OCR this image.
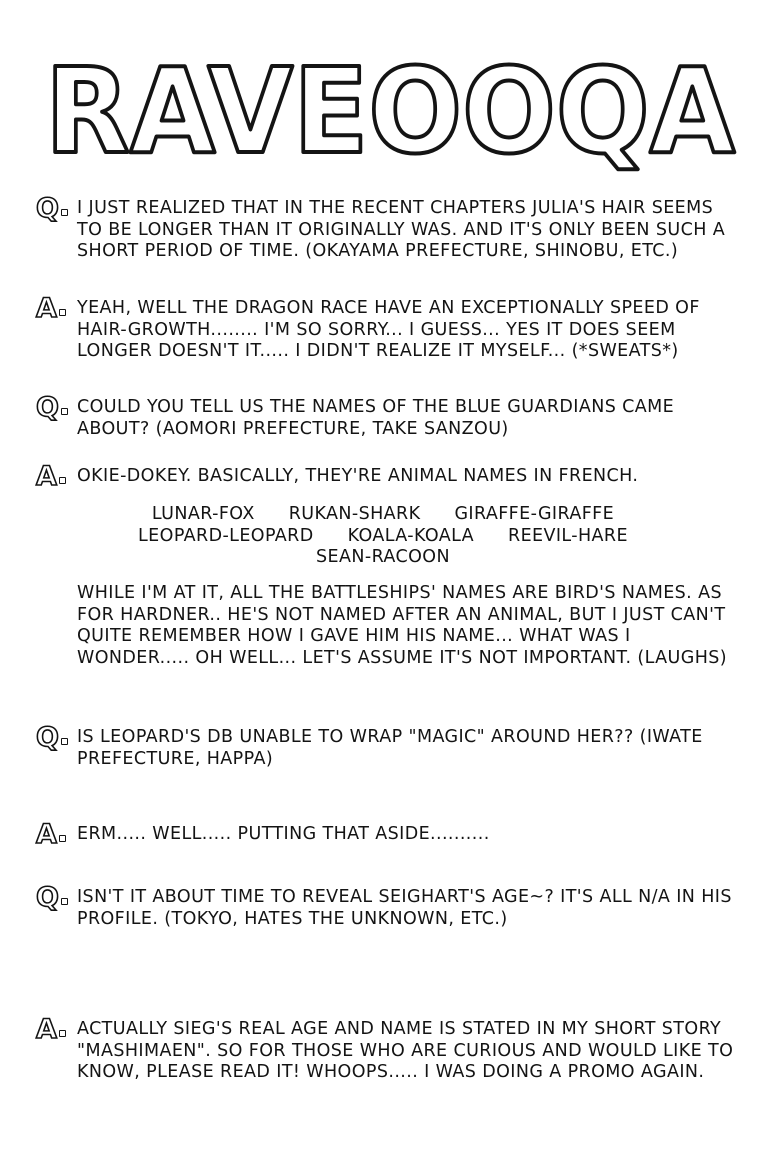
RAVEOOQA
Q	I JUST REALIZED THAT IN THE RECENT CHAPTERS JULIA'S HAIR SEEMS TO BE LONGER THAN IT ORIGINALLY WAS. AND IT'S ONLY BEEN SUCH A SHORT PERIOD OF TIME. (OKAYAMA PREFECTURE, SHINOBU, ETC.)

A	YEAH, WELL THE DRAGON RACE HAVE AN EXCEPTIONALLY SPEED OF HAIR-GROWTH........ I'M SO SORRY... I GUESS... YES IT DOES SEEM LONGER DOESN'T IT..... I DIDN'T REALIZE IT MYSELF... (*SWEATS*)

Q	COULD YOU TELL US THE NAMES OF THE BLUE GUARDIANS CAME ABOUT? (AOMORI PREFECTURE, TAKE SANZOU)

A	OKIE-DOKEY. BASICALLY, THEY'RE ANIMAL NAMES IN FRENCH.

LUNAR-FOX RUKAN-SHARK GIRAFFE-GIRAFFE
LEOPARD-LEOPARD KOALA-KOALA REEVIL-HARE
SEAN-RACOON

WHILE I'M AT IT, ALL THE BATTLESHIPS' NAMES ARE BIRD'S NAMES. AS FOR HARDNER.. HE'S NOT NAMED AFTER AN ANIMAL, BUT I JUST CAN'T QUITE REMEMBER HOW I GAVE HIM HIS NAME... WHAT WAS I WONDER..... OH WELL... LET'S ASSUME IT'S NOT IMPORTANT. (LAUGHS)

Q	IS LEOPARD'S DB UNABLE TO WRAP "MAGIC" AROUND HER?? (IWATE PREFECTURE, HAPPA)

A	ERM..... WELL..... PUTTING THAT ASIDE..........

Q	ISN'T IT ABOUT TIME TO REVEAL SEIGHART'S AGE~? IT'S ALL N/A IN HIS PROFILE. (TOKYO, HATES THE UNKNOWN, ETC.)

A	ACTUALLY SIEG'S REAL AGE AND NAME IS STATED IN MY SHORT STORY "MASHIMAEN". SO FOR THOSE WHO ARE CURIOUS AND WOULD LIKE TO KNOW, PLEASE READ IT! WHOOPS..... I WAS DOING A PROMO AGAIN.
